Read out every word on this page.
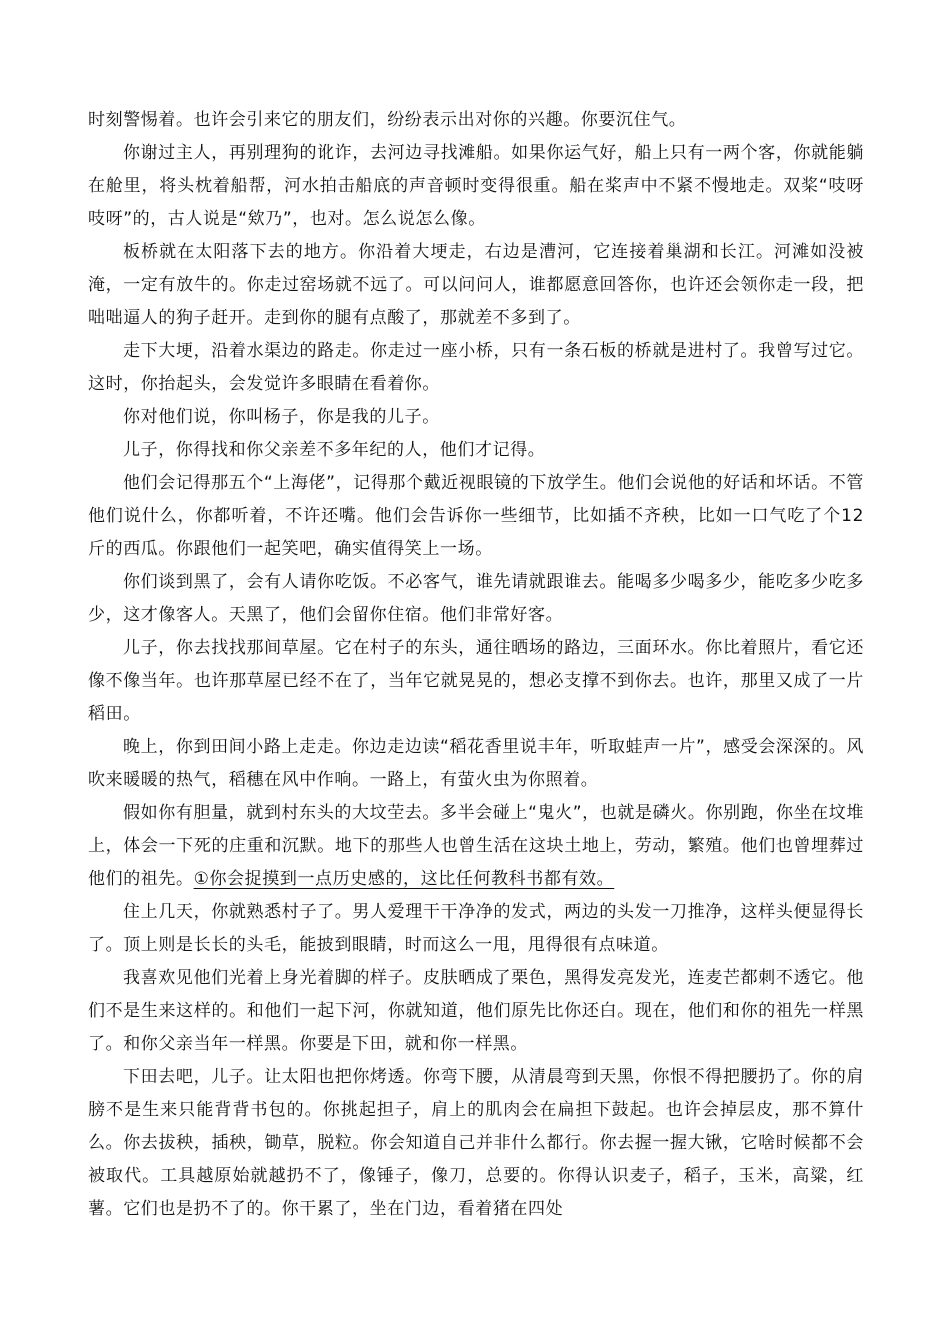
时刻警惕着。也许会引来它的朋友们，纷纷表示出对你的兴趣。你要沉住气。

你谢过主人，再别理狗的讹诈，去河边寻找滩船。如果你运气好，船上只有一两个客，你就能躺在舱里，将头枕着船帮，河水拍击船底的声音顿时变得很重。船在桨声中不紧不慢地走。双桨“吱呀吱呀”的，古人说是“欸乃”，也对。怎么说怎么像。

板桥就在太阳落下去的地方。你沿着大埂走，右边是漕河，它连接着巢湖和长江。河滩如没被淹，一定有放牛的。你走过窑场就不远了。可以问问人，谁都愿意回答你，也许还会领你走一段，把咄咄逼人的狗子赶开。走到你的腿有点酸了，那就差不多到了。

走下大埂，沿着水渠边的路走。你走过一座小桥，只有一条石板的桥就是进村了。我曾写过它。这时，你抬起头，会发觉许多眼睛在看着你。

你对他们说，你叫杨子，你是我的儿子。

儿子，你得找和你父亲差不多年纪的人，他们才记得。

他们会记得那五个“上海佬”，记得那个戴近视眼镜的下放学生。他们会说他的好话和坏话。不管他们说什么，你都听着，不许还嘴。他们会告诉你一些细节，比如插不齐秧，比如一口气吃了个12斤的西瓜。你跟他们一起笑吧，确实值得笑上一场。

你们谈到黑了，会有人请你吃饭。不必客气，谁先请就跟谁去。能喝多少喝多少，能吃多少吃多少，这才像客人。天黑了，他们会留你住宿。他们非常好客。

儿子，你去找找那间草屋。它在村子的东头，通往晒场的路边，三面环水。你比着照片，看它还像不像当年。也许那草屋已经不在了，当年它就晃晃的，想必支撑不到你去。也许，那里又成了一片稻田。

晚上，你到田间小路上走走。你边走边读“稻花香里说丰年，听取蛙声一片”，感受会深深的。风吹来暖暖的热气，稻穗在风中作响。一路上，有萤火虫为你照着。

假如你有胆量，就到村东头的大坟茔去。多半会碰上“鬼火”，也就是磷火。你别跑，你坐在坟堆上，体会一下死的庄重和沉默。地下的那些人也曾生活在这块土地上，劳动，繁殖。他们也曾埋葬过他们的祖先。①你会捉摸到一点历史感的，这比任何教科书都有效。

住上几天，你就熟悉村子了。男人爱理干干净净的发式，两边的头发一刀推净，这样头便显得长了。顶上则是长长的头毛，能披到眼睛，时而这么一甩，甩得很有点味道。

我喜欢见他们光着上身光着脚的样子。皮肤晒成了栗色，黑得发亮发光，连麦芒都刺不透它。他们不是生来这样的。和他们一起下河，你就知道，他们原先比你还白。现在，他们和你的祖先一样黑了。和你父亲当年一样黑。你要是下田，就和你一样黑。

下田去吧，儿子。让太阳也把你烤透。你弯下腰，从清晨弯到天黑，你恨不得把腰扔了。你的肩膀不是生来只能背背书包的。你挑起担子，肩上的肌肉会在扁担下鼓起。也许会掉层皮，那不算什么。你去拔秧，插秧，锄草，脱粒。你会知道自己并非什么都行。你去握一握大锹，它啥时候都不会被取代。工具越原始就越扔不了，像锤子，像刀，总要的。你得认识麦子，稻子，玉米，高粱，红薯。它们也是扔不了的。你干累了，坐在门边，看着猪在四处
